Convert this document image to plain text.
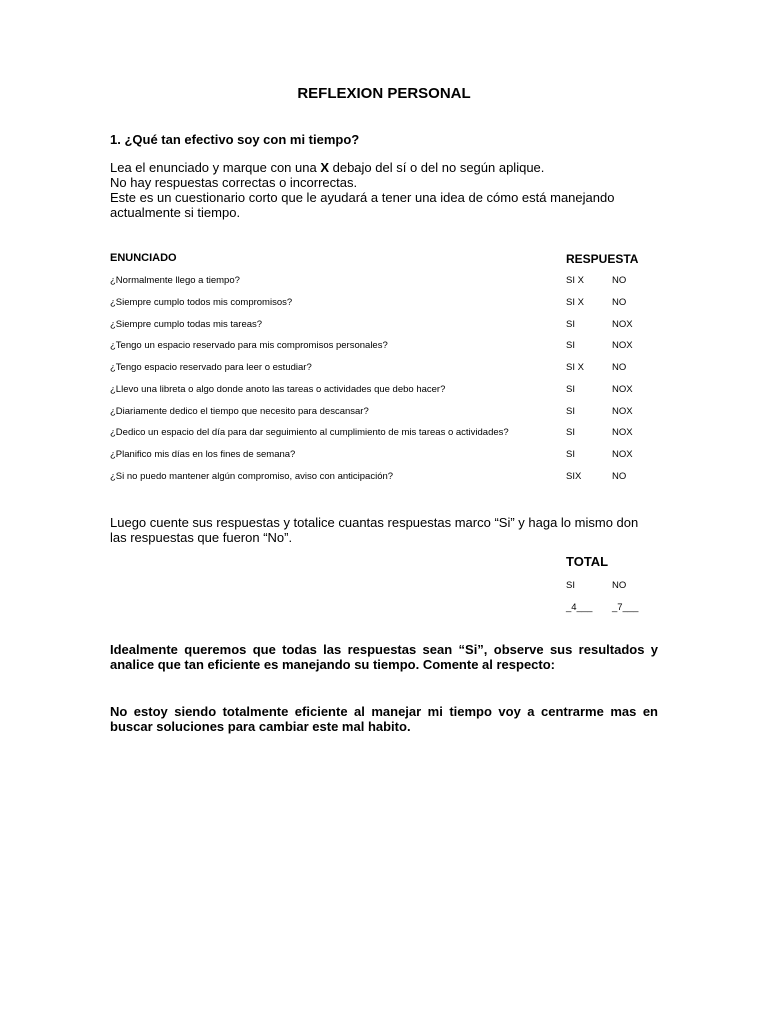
REFLEXION PERSONAL
1. ¿Qué tan efectivo soy con mi tiempo?

Lea el enunciado y marque con una X debajo del sí o del no según aplique.

No hay respuestas correctas o incorrectas.

Este es un cuestionario corto que le ayudará a tener una idea de cómo está manejando actualmente si tiempo.

ENUNCIADO	RESPUESTA
¿Normalmente llego a tiempo?	SI X	NO
¿Siempre cumplo todos mis compromisos?	SI X	NO
¿Siempre cumplo todas mis tareas?	SI	NOX
¿Tengo un espacio reservado para mis compromisos personales?	SI	NOX
¿Tengo espacio reservado para leer o estudiar?	SI X	NO
¿Llevo una libreta o algo donde anoto las tareas o actividades que debo hacer?	SI	NOX
¿Diariamente dedico el tiempo que necesito para descansar?	SI	NOX
¿Dedico un espacio del día para dar seguimiento al cumplimiento de mis tareas o actividades?	SI	NOX
¿Planifico mis días en los fines de semana?	SI	NOX
¿Si no puedo mantener algún compromiso, aviso con anticipación?	SIX	NO
Luego cuente sus respuestas y totalice cuantas respuestas marco “Si” y haga lo mismo don las respuestas que fueron “No”.
TOTAL
SI	NO
_4___ _7___
Idealmente queremos que todas las respuestas sean “Si”, observe sus resultados y analice que tan eficiente es manejando su tiempo. Comente al respecto:
No estoy siendo totalmente eficiente al manejar mi tiempo voy a centrarme mas en buscar soluciones para cambiar este mal habito.
